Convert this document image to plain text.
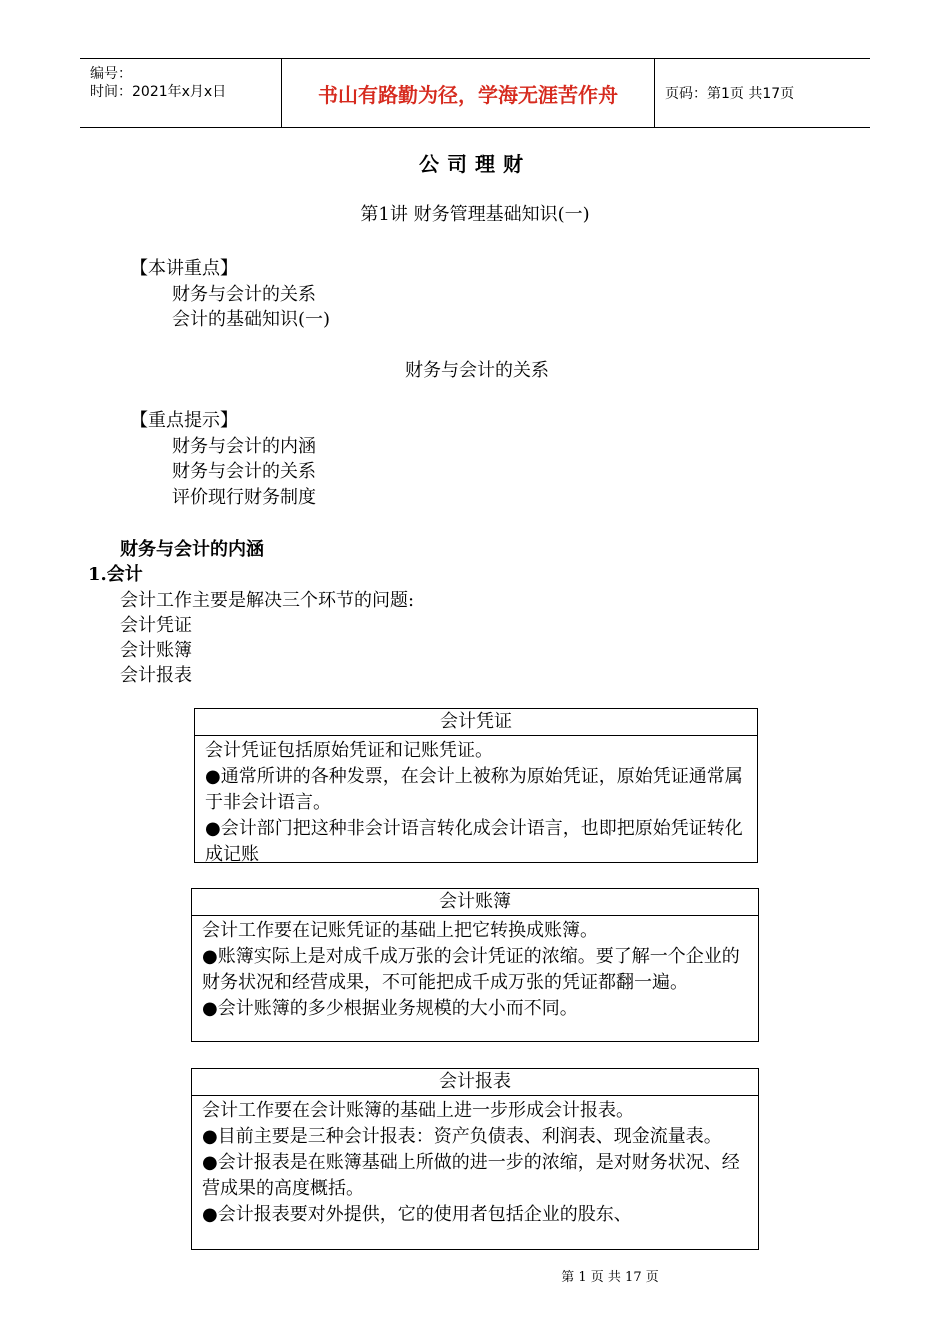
编号：
时间：2021年x月x日	书山有路勤为径，学海无涯苦作舟	页码：第1页 共17页
公司理财
第1讲 财务管理基础知识(一)
【本讲重点】
财务与会计的关系
会计的基础知识(一)
财务与会计的关系
【重点提示】
财务与会计的内涵
财务与会计的关系
评价现行财务制度
财务与会计的内涵
1.会计
会计工作主要是解决三个环节的问题:
会计凭证
会计账簿
会计报表
会计凭证

会计凭证包括原始凭证和记账凭证。

●通常所讲的各种发票，在会计上被称为原始凭证，原始凭证通常属于非会计语言。

●会计部门把这种非会计语言转化成会计语言，也即把原始凭证转化成记账

会计账簿

会计工作要在记账凭证的基础上把它转换成账簿。

●账簿实际上是对成千成万张的会计凭证的浓缩。要了解一个企业的财务状况和经营成果，不可能把成千成万张的凭证都翻一遍。

●会计账簿的多少根据业务规模的大小而不同。

会计报表

会计工作要在会计账簿的基础上进一步形成会计报表。

●目前主要是三种会计报表：资产负债表、利润表、现金流量表。

●会计报表是在账簿基础上所做的进一步的浓缩，是对财务状况、经营成果的高度概括。

●会计报表要对外提供，它的使用者包括企业的股东、

第 1 页 共 17 页
